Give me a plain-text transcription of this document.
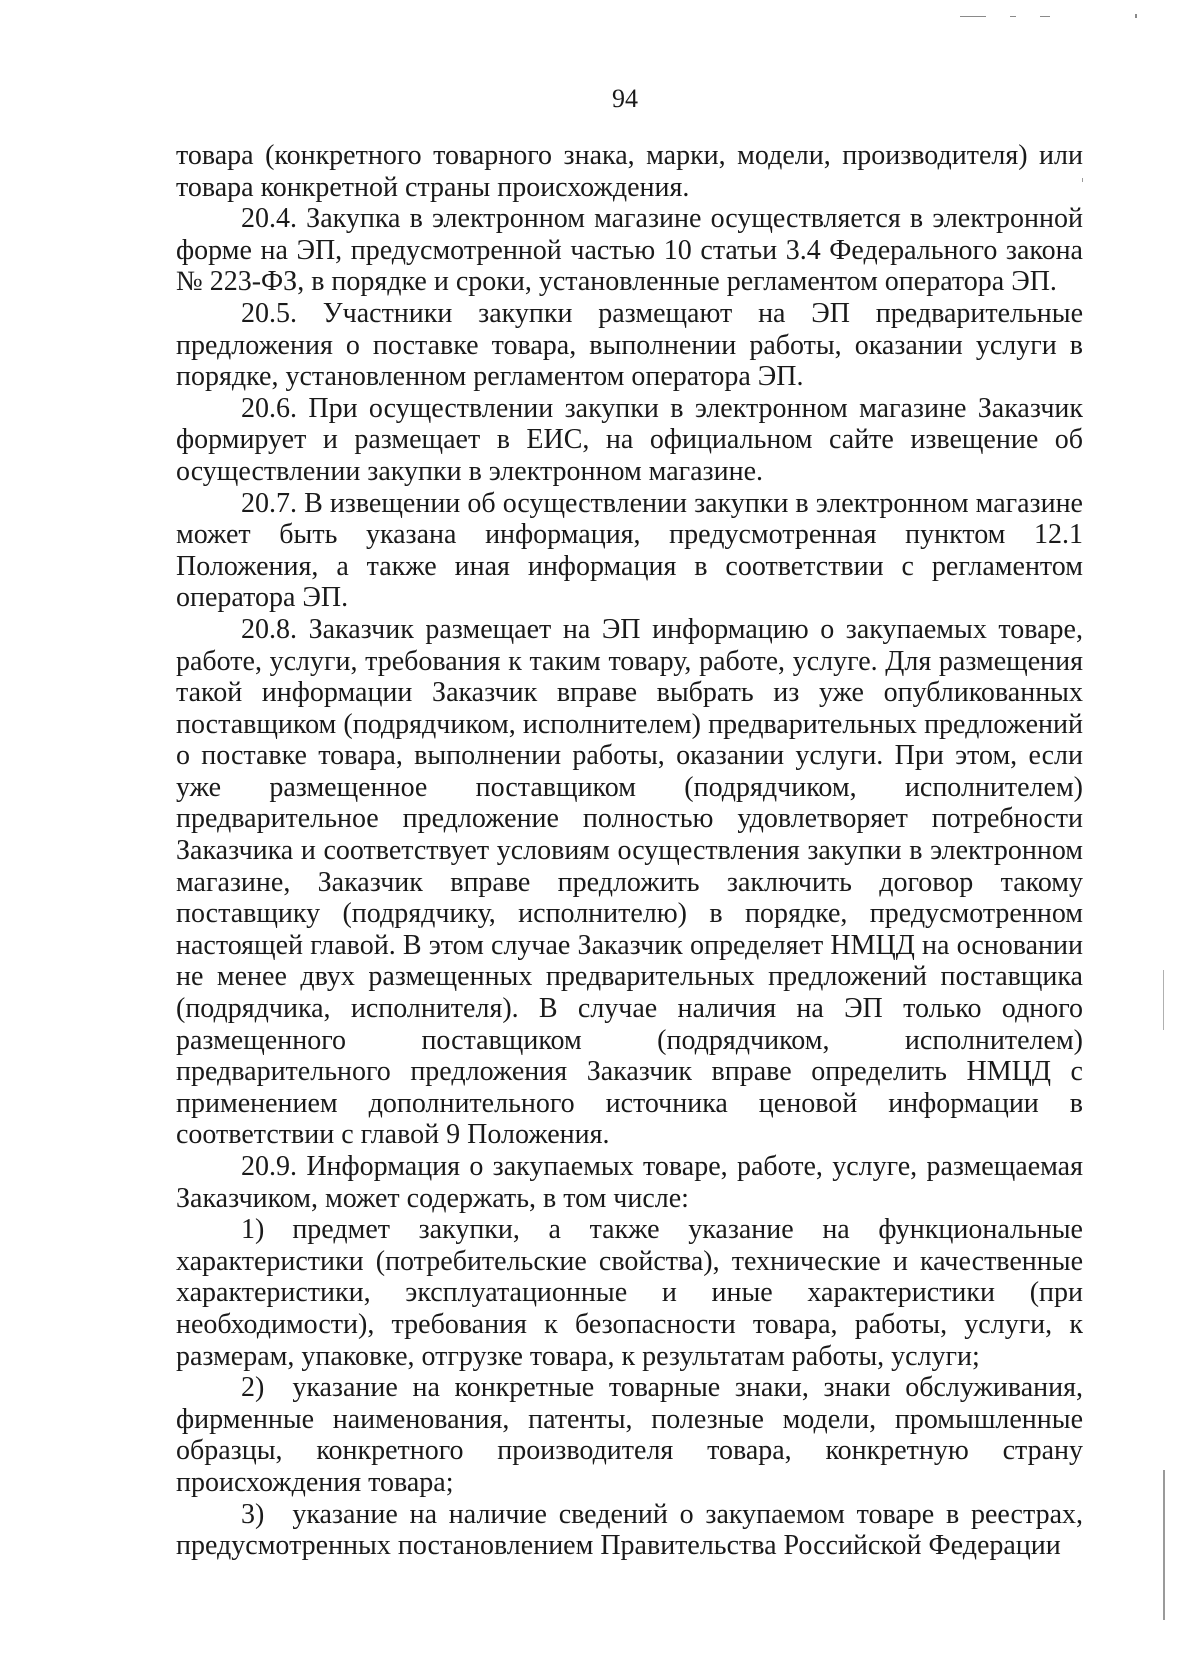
94

товара (конкретного товарного знака, марки, модели, производителя) или товара конкретной страны происхождения.

20.4. Закупка в электронном магазине осуществляется в электронной форме на ЭП, предусмотренной частью 10 статьи 3.4 Федерального закона № 223-ФЗ, в порядке и сроки, установленные регламентом оператора ЭП.

20.5. Участники закупки размещают на ЭП предварительные предложения о поставке товара, выполнении работы, оказании услуги в порядке, установленном регламентом оператора ЭП.

20.6. При осуществлении закупки в электронном магазине Заказчик формирует и размещает в ЕИС, на официальном сайте извещение об осуществлении закупки в электронном магазине.

20.7. В извещении об осуществлении закупки в электронном магазине может быть указана информация, предусмотренная пунктом 12.1 Положения, а также иная информация в соответствии с регламентом оператора ЭП.

20.8. Заказчик размещает на ЭП информацию о закупаемых товаре, работе, услуги, требования к таким товару, работе, услуге. Для размещения такой информации Заказчик вправе выбрать из уже опубликованных поставщиком (подрядчиком, исполнителем) предварительных предложений о поставке товара, выполнении работы, оказании услуги. При этом, если уже размещенное поставщиком (подрядчиком, исполнителем) предварительное предложение полностью удовлетворяет потребности Заказчика и соответствует условиям осуществления закупки в электронном магазине, Заказчик вправе предложить заключить договор такому поставщику (подрядчику, исполнителю) в порядке, предусмотренном настоящей главой. В этом случае Заказчик определяет НМЦД на основании не менее двух размещенных предварительных предложений поставщика (подрядчика, исполнителя). В случае наличия на ЭП только одного размещенного поставщиком (подрядчиком, исполнителем) предварительного предложения Заказчик вправе определить НМЦД с применением дополнительного источника ценовой информации в соответствии с главой 9 Положения.

20.9. Информация о закупаемых товаре, работе, услуге, размещаемая Заказчиком, может содержать, в том числе:

1) предмет закупки, а также указание на функциональные характеристики (потребительские свойства), технические и качественные характеристики, эксплуатационные и иные характеристики (при необходимости), требования к безопасности товара, работы, услуги, к размерам, упаковке, отгрузке товара, к результатам работы, услуги;

2) указание на конкретные товарные знаки, знаки обслуживания, фирменные наименования, патенты, полезные модели, промышленные образцы, конкретного производителя товара, конкретную страну происхождения товара;

3) указание на наличие сведений о закупаемом товаре в реестрах, предусмотренных постановлением Правительства Российской Федерации
